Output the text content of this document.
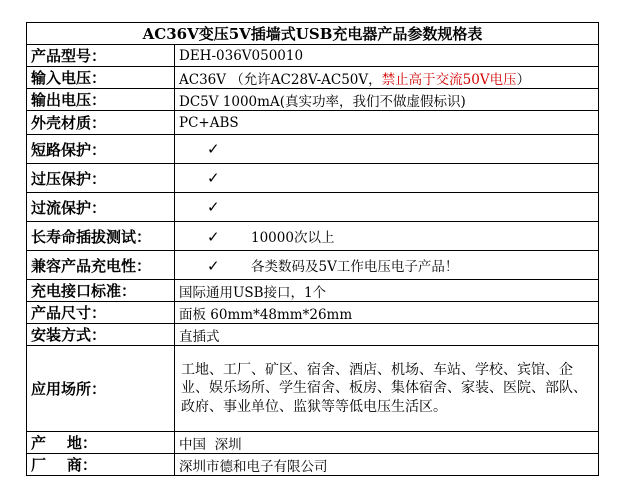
AC36V变压5V插墙式USB充电器产品参数规格表	
产品型号：	DEH-036V050010
输入电压：	AC36V （允许AC28V-AC50V，禁止高于交流50V电压）
输出电压：	DC5V 1000mA(真实功率，我们不做虚假标识)
外壳材质：	PC+ABS
短路保护：	✓
过压保护：	✓
过流保护：	✓
长寿命插拔测试：	✓ 10000次以上
兼容产品充电性：	✓ 各类数码及5V工作电压电子产品！
充电接口标准：	国际通用USB接口，1个
产品尺寸：	面板 60mm*48mm*26mm
安装方式：	直插式
应用场所：	工地、工厂、矿区、宿舍、酒店、机场、车站、学校、宾馆、企业、娱乐场所、学生宿舍、板房、集体宿舍、家装、医院、部队、政府、事业单位、监狱等等低电压生活区。
产    地：	中国  深圳
厂    商：	深圳市德和电子有限公司
